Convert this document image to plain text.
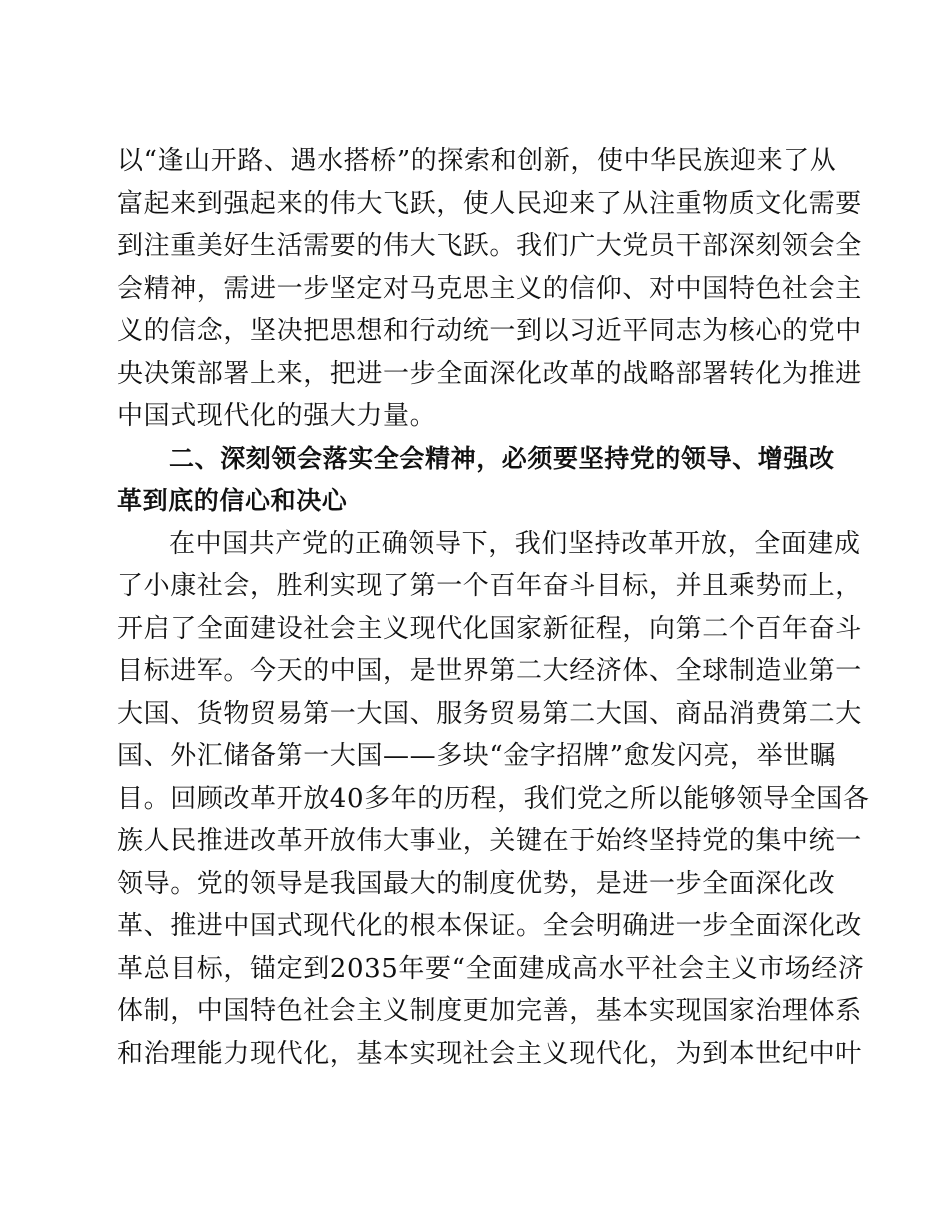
以“逢山开路、遇水搭桥”的探索和创新，使中华民族迎来了从
富起来到强起来的伟大飞跃，使人民迎来了从注重物质文化需要
到注重美好生活需要的伟大飞跃。我们广大党员干部深刻领会全
会精神，需进一步坚定对马克思主义的信仰、对中国特色社会主
义的信念，坚决把思想和行动统一到以习近平同志为核心的党中
央决策部署上来，把进一步全面深化改革的战略部署转化为推进
中国式现代化的强大力量。
二、深刻领会落实全会精神，必须要坚持党的领导、增强改
革到底的信心和决心
在中国共产党的正确领导下，我们坚持改革开放，全面建成
了小康社会，胜利实现了第一个百年奋斗目标，并且乘势而上，
开启了全面建设社会主义现代化国家新征程，向第二个百年奋斗
目标进军。今天的中国，是世界第二大经济体、全球制造业第一
大国、货物贸易第一大国、服务贸易第二大国、商品消费第二大
国、外汇储备第一大国——多块“金字招牌”愈发闪亮，举世瞩
目。回顾改革开放40多年的历程，我们党之所以能够领导全国各
族人民推进改革开放伟大事业，关键在于始终坚持党的集中统一
领导。党的领导是我国最大的制度优势，是进一步全面深化改
革、推进中国式现代化的根本保证。全会明确进一步全面深化改
革总目标，锚定到2035年要“全面建成高水平社会主义市场经济
体制，中国特色社会主义制度更加完善，基本实现国家治理体系
和治理能力现代化，基本实现社会主义现代化，为到本世纪中叶
